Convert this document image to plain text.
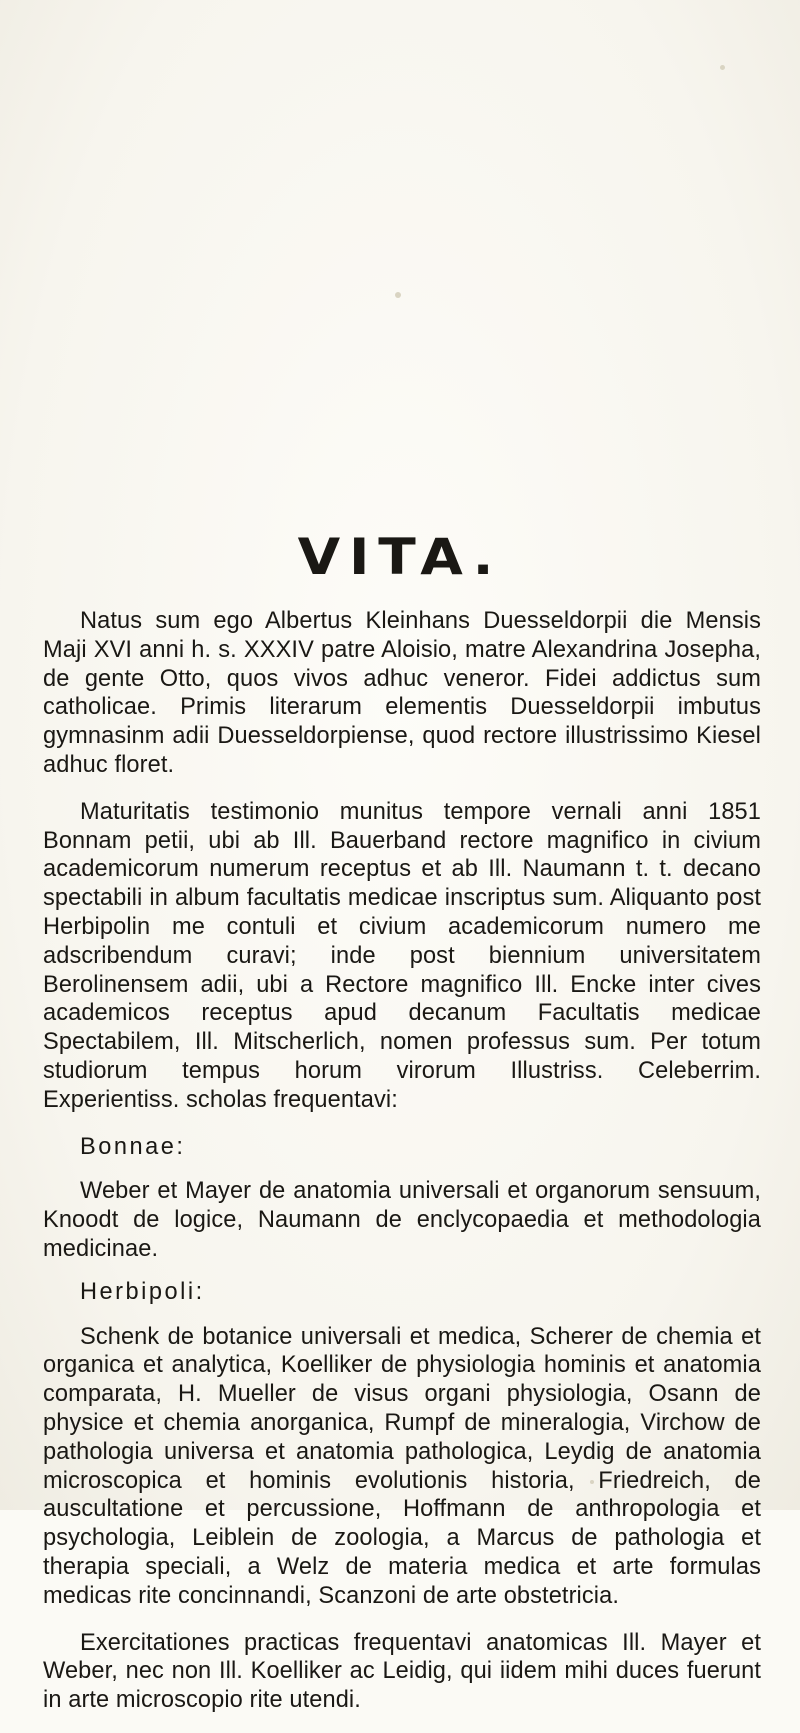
VITA.

Natus sum ego Albertus Kleinhans Duesseldorpii die Mensis Maji XVI anni h. s. XXXIV patre Aloisio, matre Alexandrina Josepha, de gente Otto, quos vivos adhuc veneror. Fidei addictus sum catholicae. Primis literarum elementis Duesseldorpii imbutus gymnasinm adii Duesseldorpiense, quod rectore illustrissimo Kiesel adhuc floret.

Maturitatis testimonio munitus tempore vernali anni 1851 Bonnam petii, ubi ab Ill. Bauerband rectore magnifico in civium academicorum numerum receptus et ab Ill. Naumann t. t. decano spectabili in album facultatis medicae inscriptus sum. Aliquanto post Herbipolin me contuli et civium academicorum numero me adscribendum curavi; inde post biennium universitatem Berolinensem adii, ubi a Rectore magnifico Ill. Encke inter cives academicos receptus apud decanum Facultatis medicae Spectabilem, Ill. Mitscherlich, nomen professus sum. Per totum studiorum tempus horum virorum Illustriss. Celeberrim. Experientiss. scholas frequentavi:

Bonnae:

Weber et Mayer de anatomia universali et organorum sensuum, Knoodt de logice, Naumann de enclycopaedia et methodologia medicinae.

Herbipoli:

Schenk de botanice universali et medica, Scherer de chemia et organica et analytica, Koelliker de physiologia hominis et anatomia comparata, H. Mueller de visus organi physiologia, Osann de physice et chemia anorganica, Rumpf de mineralogia, Virchow de pathologia universa et anatomia pathologica, Leydig de anatomia microscopica et hominis evolutionis historia, Friedreich, de auscultatione et percussione, Hoffmann de anthropologia et psychologia, Leiblein de zoologia, a Marcus de pathologia et therapia speciali, a Welz de materia medica et arte formulas medicas rite concinnandi, Scanzoni de arte obstetricia.

Exercitationes practicas frequentavi anatomicas Ill. Mayer et Weber, nec non Ill. Koelliker ac Leidig, qui iidem mihi duces fuerunt in arte microscopio rite utendi.
